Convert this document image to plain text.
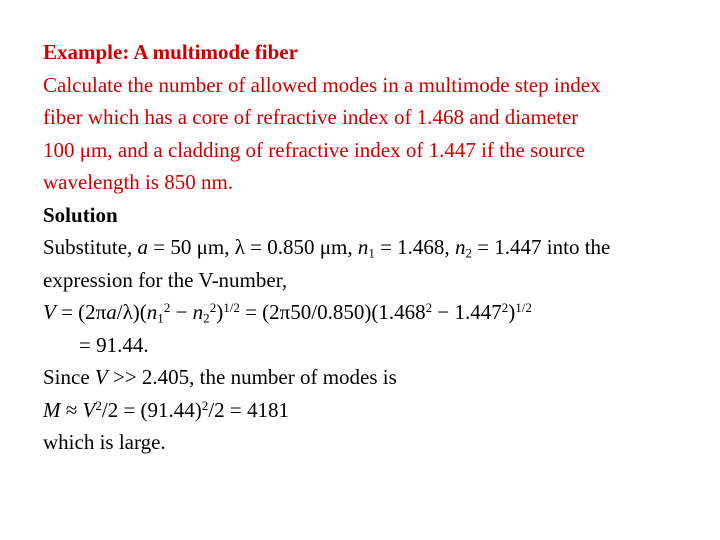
Example: A multimode fiber
Calculate the number of allowed modes in a multimode step index
fiber which has a core of refractive index of 1.468 and diameter
100 μm, and a cladding of refractive index of 1.447 if the source
wavelength is 850 nm.
Solution
Substitute, a = 50 μm, λ = 0.850 μm, $n_1 = 1.468$, $n_2 = 1.447$ into the
expression for the V-number,
$V = (2\pi a/\lambda)(n_1^2 - n_2^2)^{1/2} = (2\pi 50/0.850)(1.468^2 - 1.447^2)^{1/2}$
= 91.44.
Since V >> 2.405, the number of modes is
$M \approx V^2/2 = (91.44)^2/2 = 4181$
which is large.
